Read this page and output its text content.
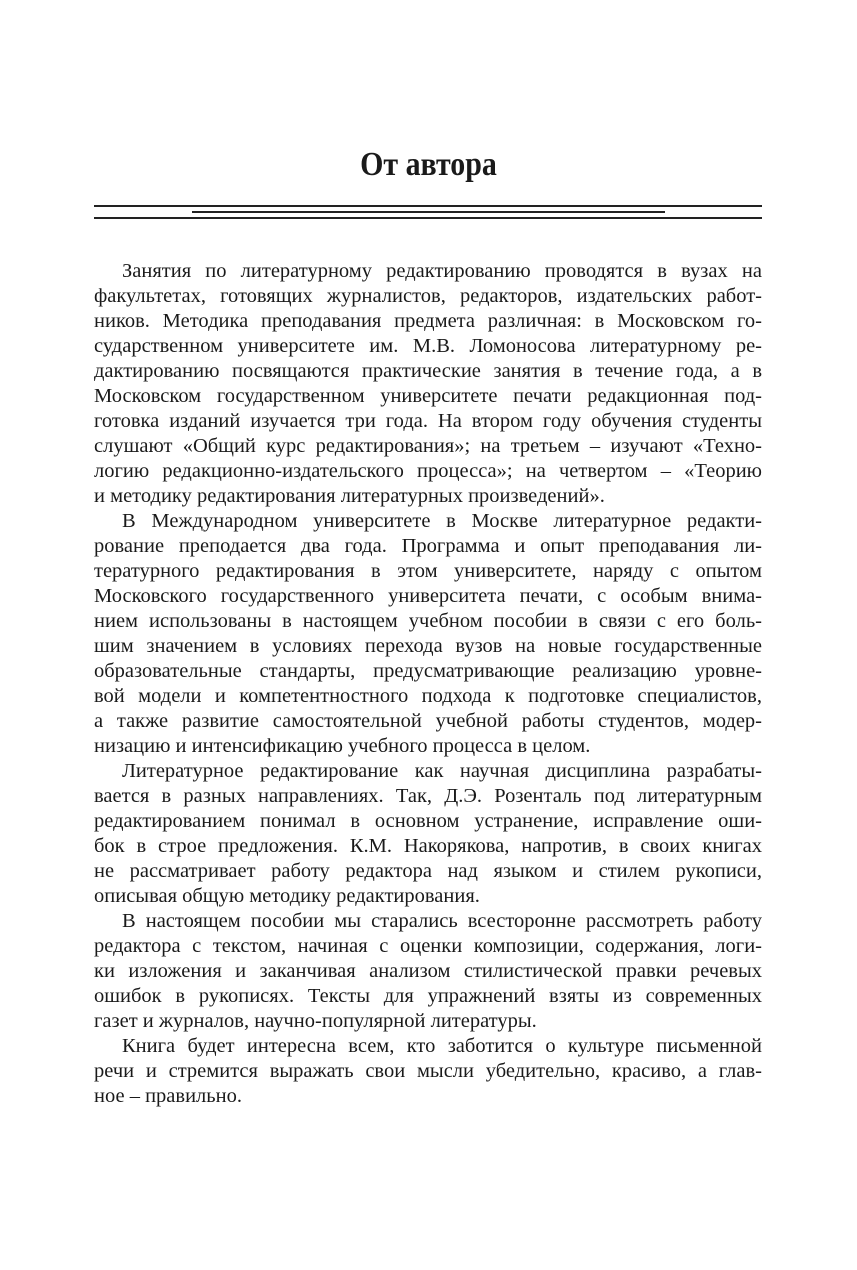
От автора
Занятия по литературному редактированию проводятся в вузах на
факультетах, готовящих журналистов, редакторов, издательских работ-
ников. Методика преподавания предмета различная: в Московском го-
сударственном университете им. М.В. Ломоносова литературному ре-
дактированию посвящаются практические занятия в течение года, а в
Московском государственном университете печати редакционная под-
готовка изданий изучается три года. На втором году обучения студенты
слушают «Общий курс редактирования»; на третьем – изучают «Техно-
логию редакционно-издательского процесса»; на четвертом – «Теорию
и методику редактирования литературных произведений».
В Международном университете в Москве литературное редакти-
рование преподается два года. Программа и опыт преподавания ли-
тературного редактирования в этом университете, наряду с опытом
Московского государственного университета печати, с особым внима-
нием использованы в настоящем учебном пособии в связи с его боль-
шим значением в условиях перехода вузов на новые государственные
образовательные стандарты, предусматривающие реализацию уровне-
вой модели и компетентностного подхода к подготовке специалистов,
а также развитие самостоятельной учебной работы студентов, модер-
низацию и интенсификацию учебного процесса в целом.
Литературное редактирование как научная дисциплина разрабаты-
вается в разных направлениях. Так, Д.Э. Розенталь под литературным
редактированием понимал в основном устранение, исправление оши-
бок в строе предложения. К.М. Накорякова, напротив, в своих книгах
не рассматривает работу редактора над языком и стилем рукописи,
описывая общую методику редактирования.
В настоящем пособии мы старались всесторонне рассмотреть работу
редактора с текстом, начиная с оценки композиции, содержания, логи-
ки изложения и заканчивая анализом стилистической правки речевых
ошибок в рукописях. Тексты для упражнений взяты из современных
газет и журналов, научно-популярной литературы.
Книга будет интересна всем, кто заботится о культуре письменной
речи и стремится выражать свои мысли убедительно, красиво, а глав-
ное – правильно.
